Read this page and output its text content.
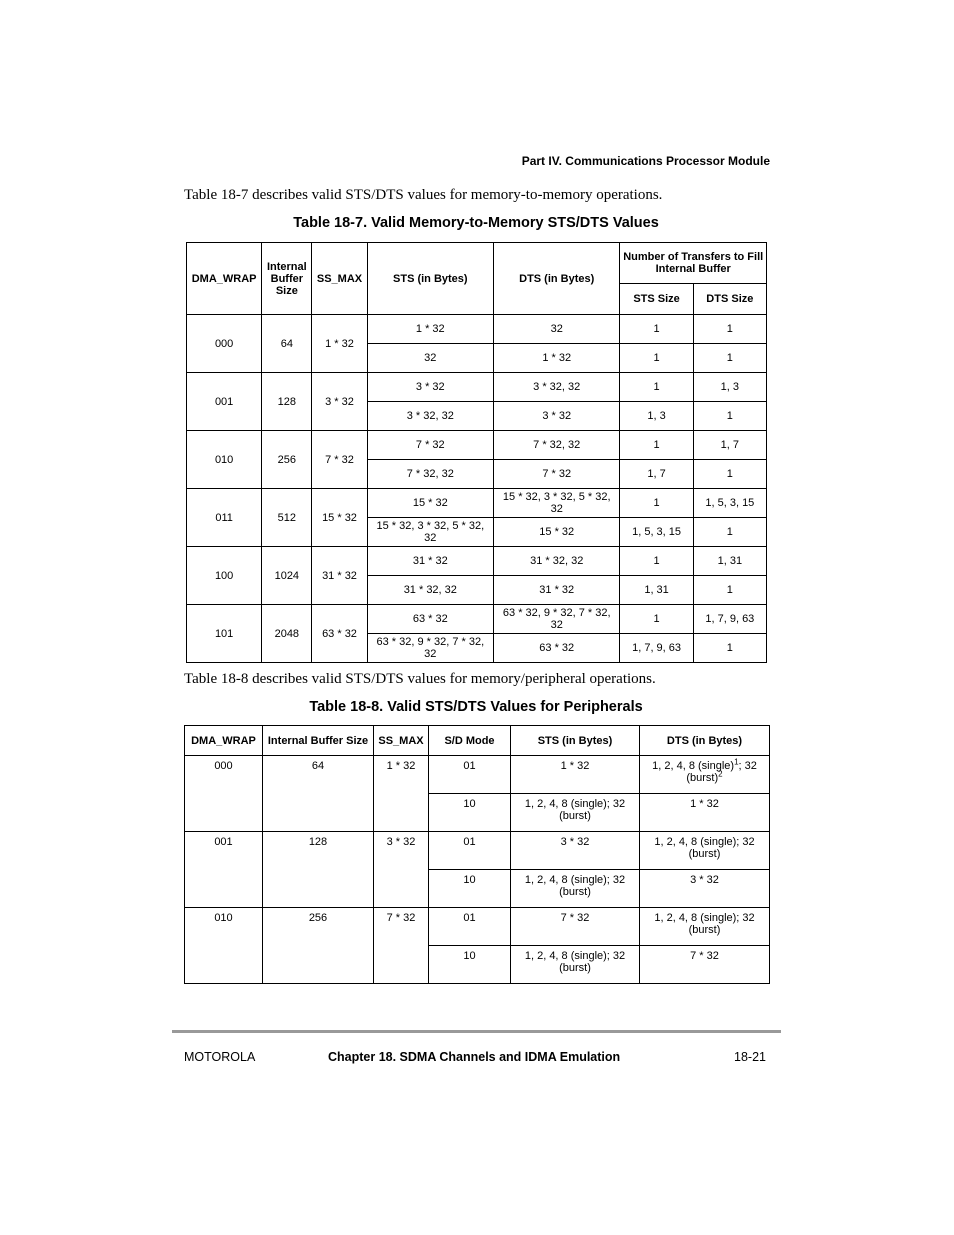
Part IV. Communications Processor Module
Table 18-7 describes valid STS/DTS values for memory-to-memory operations.
Table 18-7. Valid Memory-to-Memory STS/DTS Values
DMA_WRAP	Internal Buffer Size	SS_MAX	STS (in Bytes)	DTS (in Bytes)	Number of Transfers to Fill Internal Buffer	
					STS Size	DTS Size
000	64	1 * 32	1 * 32	32	1	1
			32	1 * 32	1	1
001	128	3 * 32	3 * 32	3 * 32, 32	1	1, 3
			3 * 32, 32	3 * 32	1, 3	1
010	256	7 * 32	7 * 32	7 * 32, 32	1	1, 7
			7 * 32, 32	7 * 32	1, 7	1
011	512	15 * 32	15 * 32	15 * 32, 3 * 32, 5 * 32, 32	1	1, 5, 3, 15
			15 * 32, 3 * 32, 5 * 32, 32	15 * 32	1, 5, 3, 15	1
100	1024	31 * 32	31 * 32	31 * 32, 32	1	1, 31
			31 * 32, 32	31 * 32	1, 31	1
101	2048	63 * 32	63 * 32	63 * 32, 9 * 32, 7 * 32, 32	1	1, 7, 9, 63
			63 * 32, 9 * 32, 7 * 32, 32	63 * 32	1, 7, 9, 63	1
Table 18-8 describes valid STS/DTS values for memory/peripheral operations.
Table 18-8. Valid STS/DTS Values for Peripherals
DMA_WRAP	Internal Buffer Size	SS_MAX	S/D Mode	STS (in Bytes)	DTS (in Bytes)
000	64	1 * 32	01	1 * 32	1, 2, 4, 8 (single)$^1$; 32 (burst)$^2$
			10	1, 2, 4, 8 (single); 32 (burst)	1 * 32
001	128	3 * 32	01	3 * 32	1, 2, 4, 8 (single); 32 (burst)
			10	1, 2, 4, 8 (single); 32 (burst)	3 * 32
010	256	7 * 32	01	7 * 32	1, 2, 4, 8 (single); 32 (burst)
			10	1, 2, 4, 8 (single); 32 (burst)	7 * 32
MOTOROLA	Chapter 18. SDMA Channels and IDMA Emulation	18-21
